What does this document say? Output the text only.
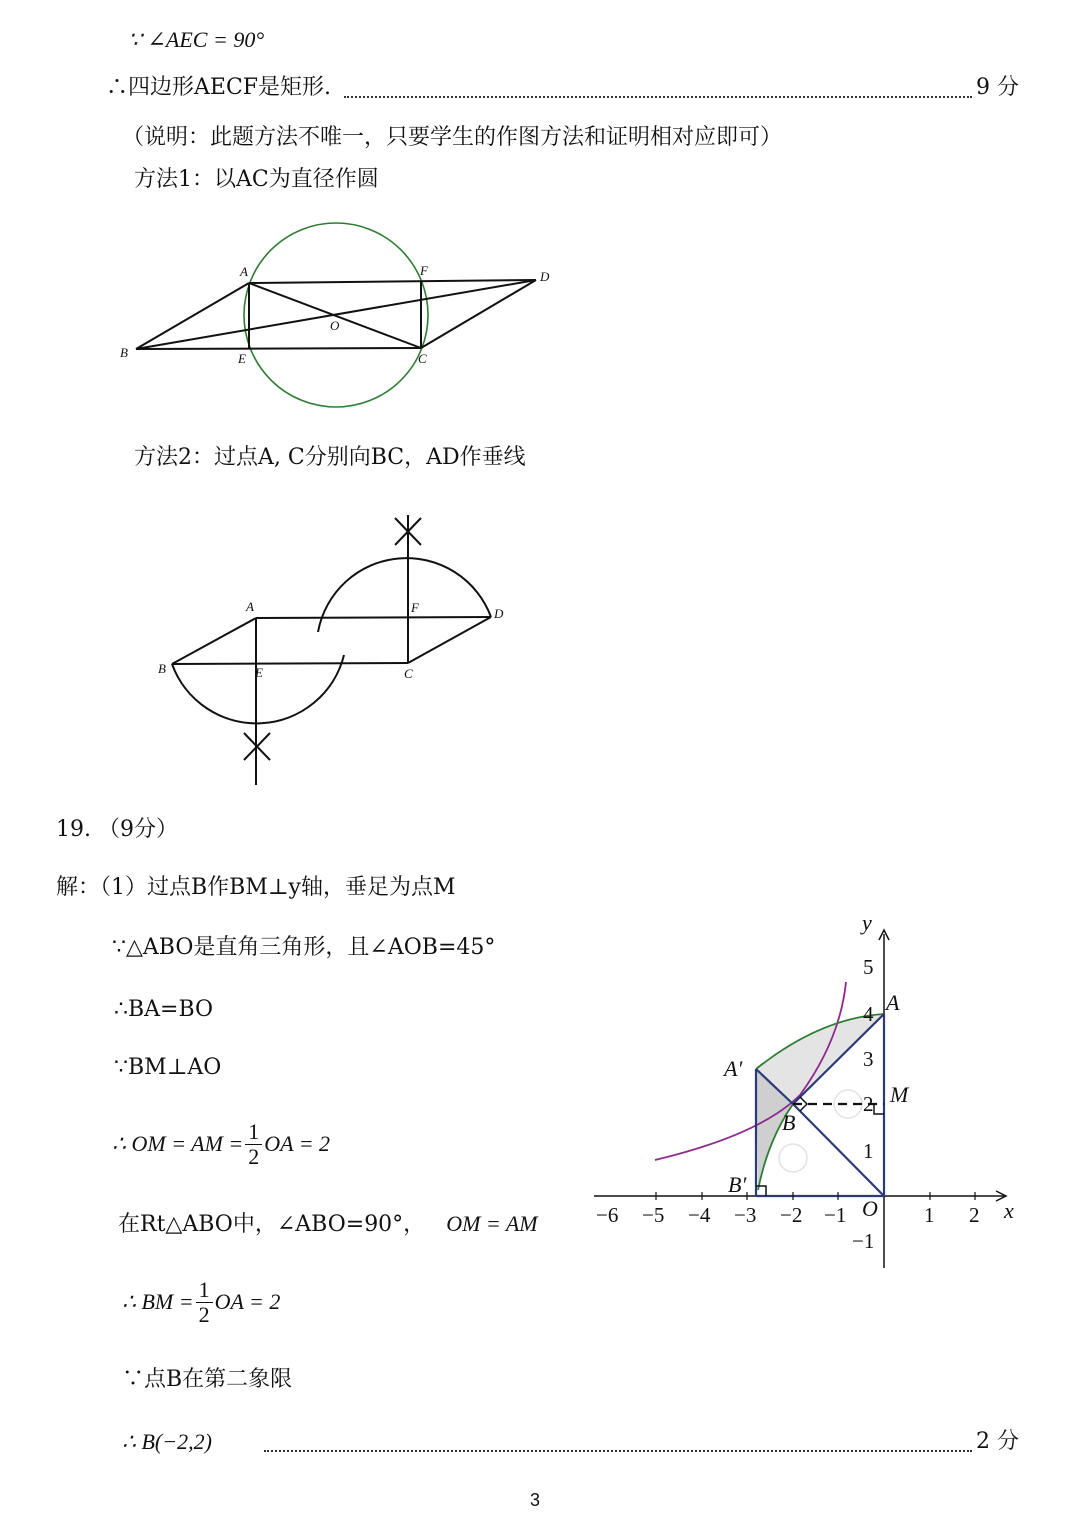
∵ ∠AEC = 90°
∴四边形AECF是矩形.	9 分
（说明：此题方法不唯一，只要学生的作图方法和证明相对应即可）
方法1：以AC为直径作圆
A	F	D
B	E
O
C
方法2：过点A, C分别向BC，AD作垂线
A	F	D
B	E	C
19. （9分）
解：（1）过点B作BM⊥y轴，垂足为点M
∵△ABO是直角三角形，且∠AOB=45°
∴BA=BO
∵BM⊥AO
∴ OM = AM = $\frac{1}{2}$ OA = 2
在Rt△ABO中，∠ABO=90°， OM = AM
∴ BM = $\frac{1}{2}$ OA = 2
∵点B在第二象限
∴ B(−2,2)	2 分
−6 −5 −4 −3 −2 −1	1 2
5
4
3
2
1
−1
x
y
O
A
A′
B
B′
M
3
